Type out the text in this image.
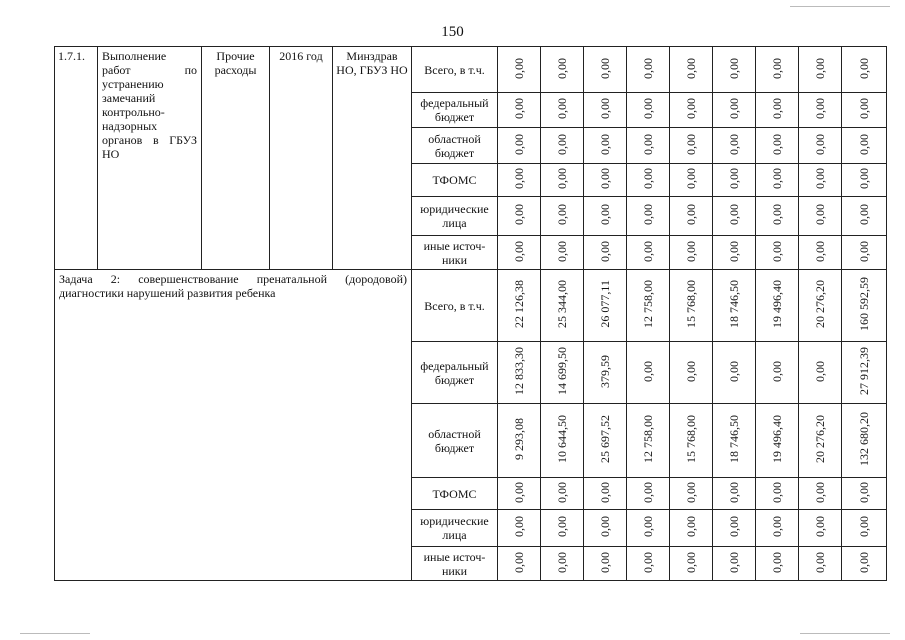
150
1.7.1.	Выполнение работ по устранению замечаний контрольно-надзорных органов в ГБУЗ НО	Прочие расходы	2016 год	Минздрав НО, ГБУЗ НО	Всего, в т.ч.	0,00	0,00	0,00	0,00	0,00	0,00	0,00	0,00	0,00
					федеральный бюджет	0,00	0,00	0,00	0,00	0,00	0,00	0,00	0,00	0,00
					областной бюджет	0,00	0,00	0,00	0,00	0,00	0,00	0,00	0,00	0,00
					ТФОМС	0,00	0,00	0,00	0,00	0,00	0,00	0,00	0,00	0,00
					юридические лица	0,00	0,00	0,00	0,00	0,00	0,00	0,00	0,00	0,00
					иные источ-ники	0,00	0,00	0,00	0,00	0,00	0,00	0,00	0,00	0,00
Задача 2: совершенствование пренатальной (дородовой) диагностики нарушений развития ребенка					Всего, в т.ч.	22 126,38	25 344,00	26 077,11	12 758,00	15 768,00	18 746,50	19 496,40	20 276,20	160 592,59
					федеральный бюджет	12 833,30	14 699,50	379,59	0,00	0,00	0,00	0,00	0,00	27 912,39
					областной бюджет	9 293,08	10 644,50	25 697,52	12 758,00	15 768,00	18 746,50	19 496,40	20 276,20	132 680,20
					ТФОМС	0,00	0,00	0,00	0,00	0,00	0,00	0,00	0,00	0,00
					юридические лица	0,00	0,00	0,00	0,00	0,00	0,00	0,00	0,00	0,00
					иные источ-ники	0,00	0,00	0,00	0,00	0,00	0,00	0,00	0,00	0,00
